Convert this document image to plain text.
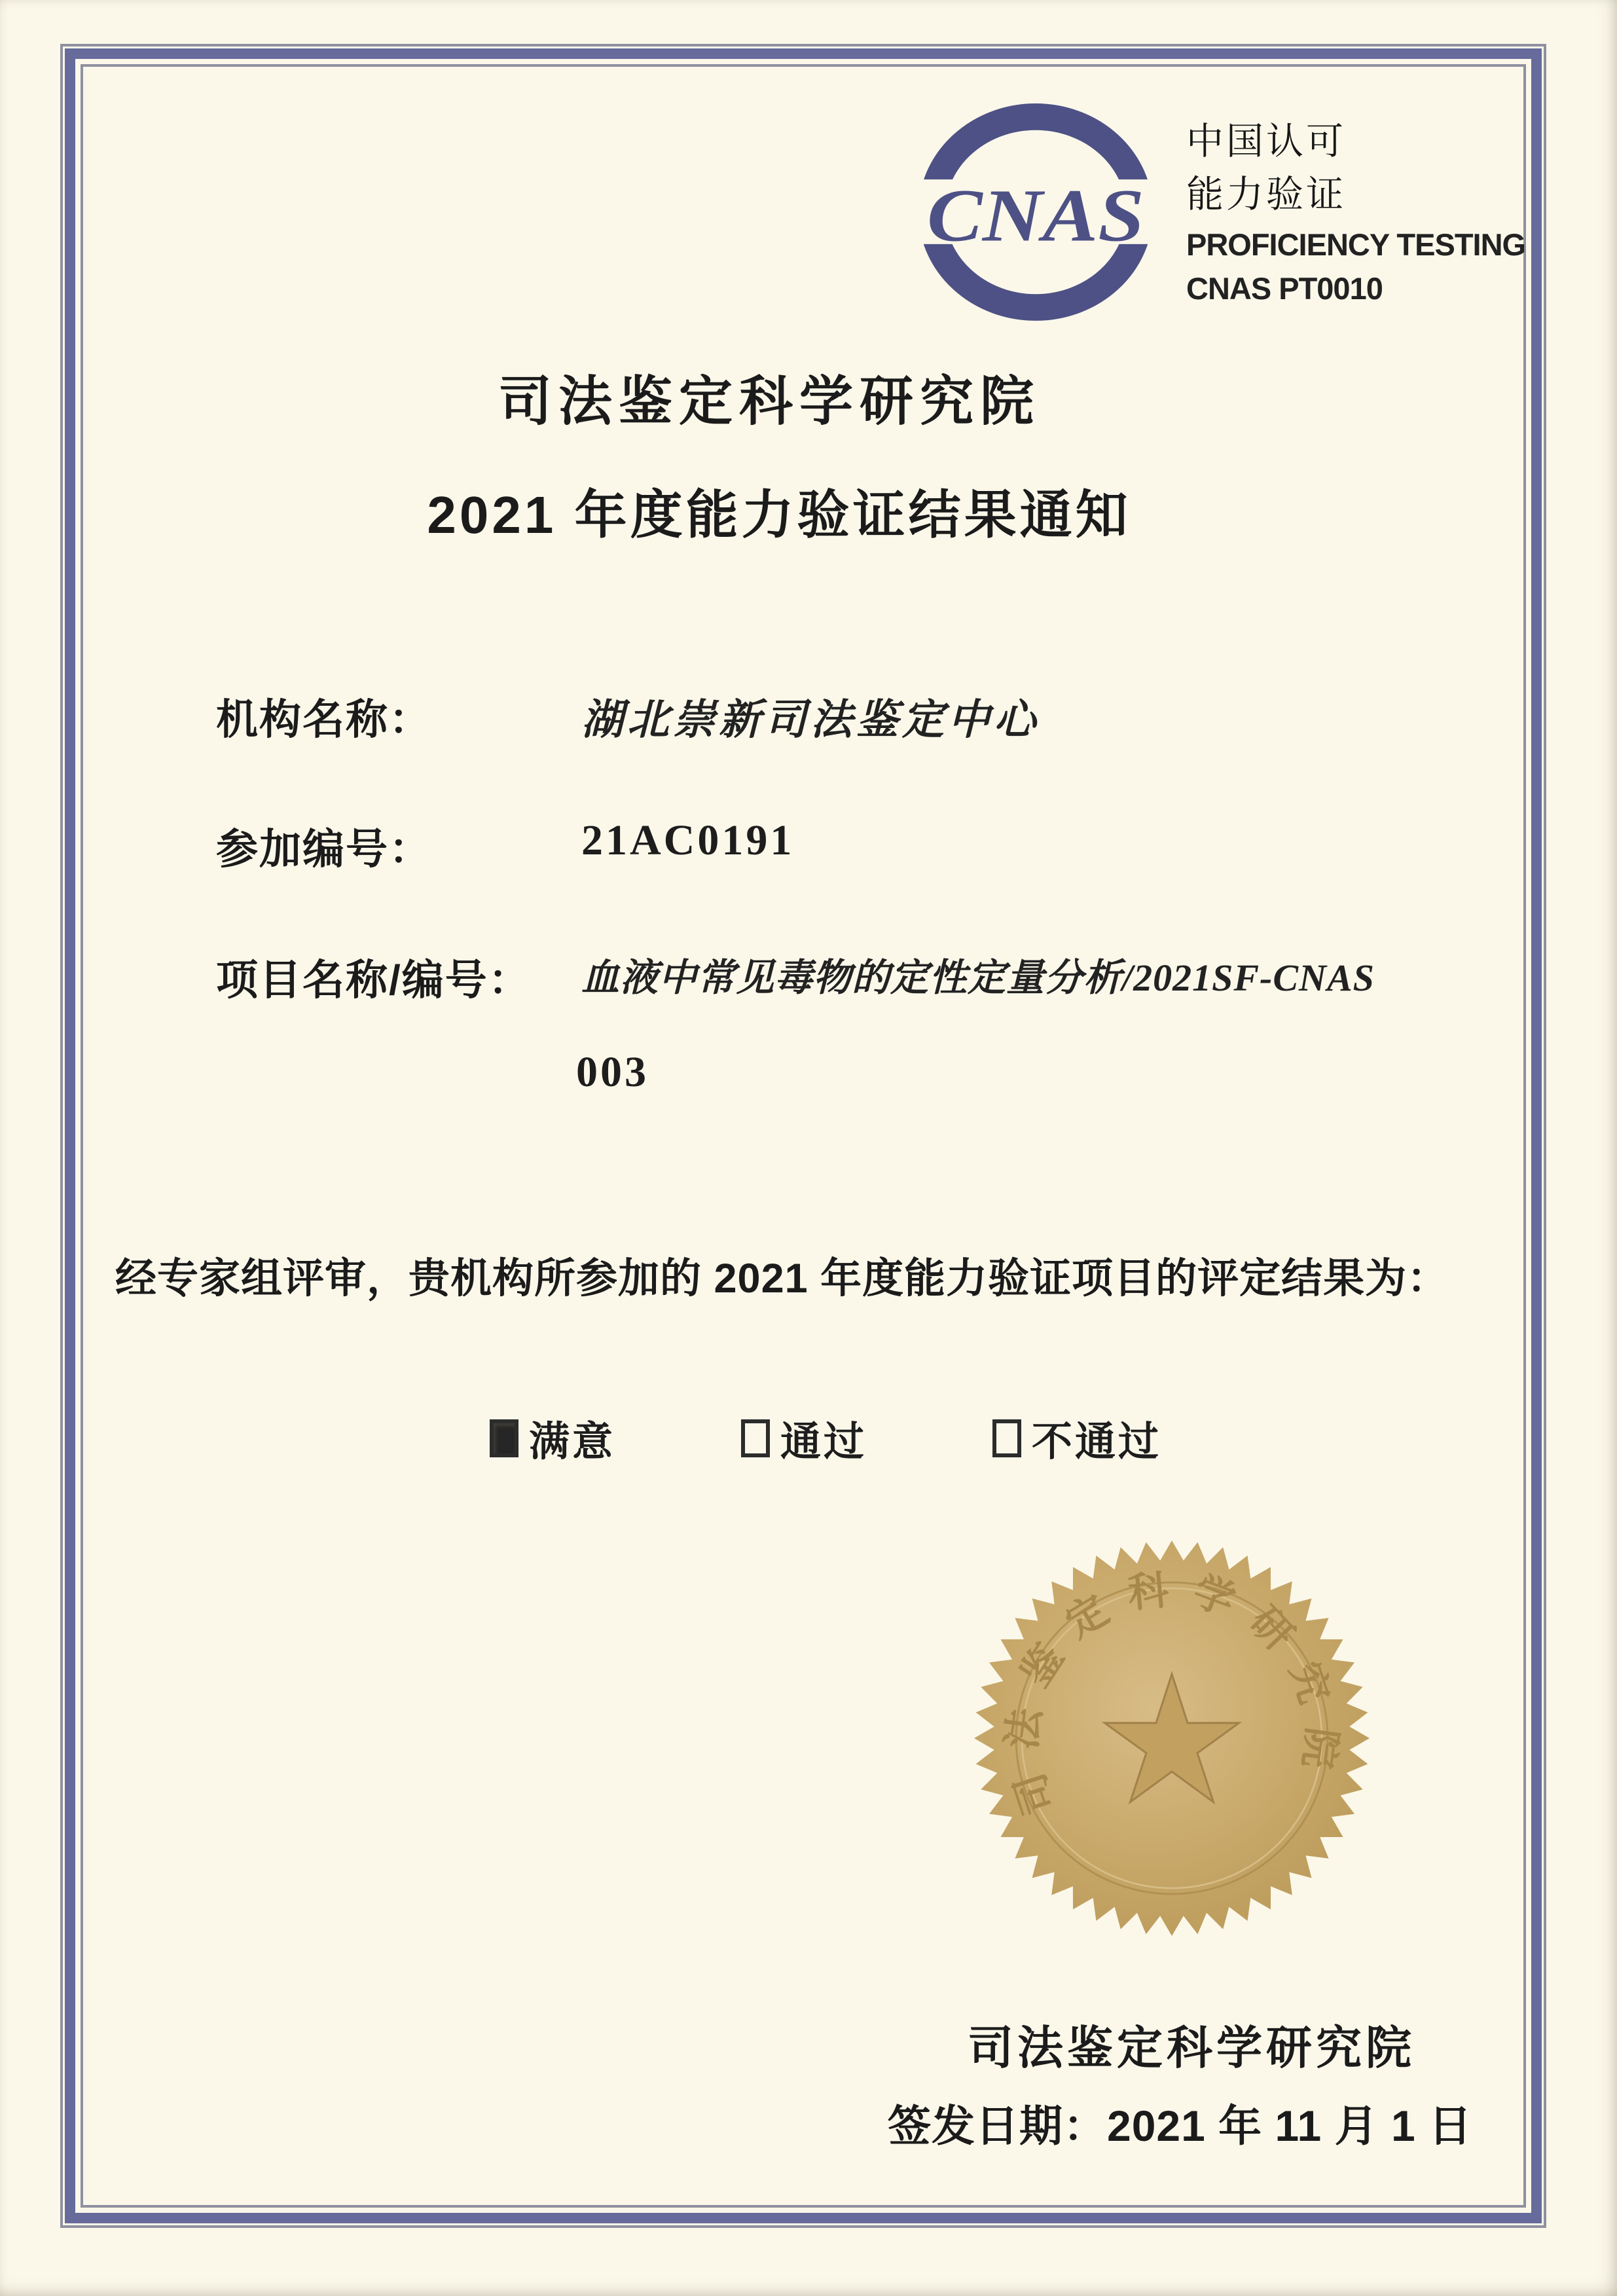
CNAS
中国认可
能力验证
PROFICIENCY TESTING
CNAS PT0010
司法鉴定科学研究院
2021 年度能力验证结果通知
机构名称：	湖北崇新司法鉴定中心
参加编号：	21AC0191
项目名称/编号：	血液中常见毒物的定性定量分析/2021SF-CNAS
003
经专家组评审，贵机构所参加的 2021 年度能力验证项目的评定结果为：
满意	通过	不通过
司法鉴定科学研究院
司法鉴定科学研究院
签发日期：2021 年 11 月 1 日
